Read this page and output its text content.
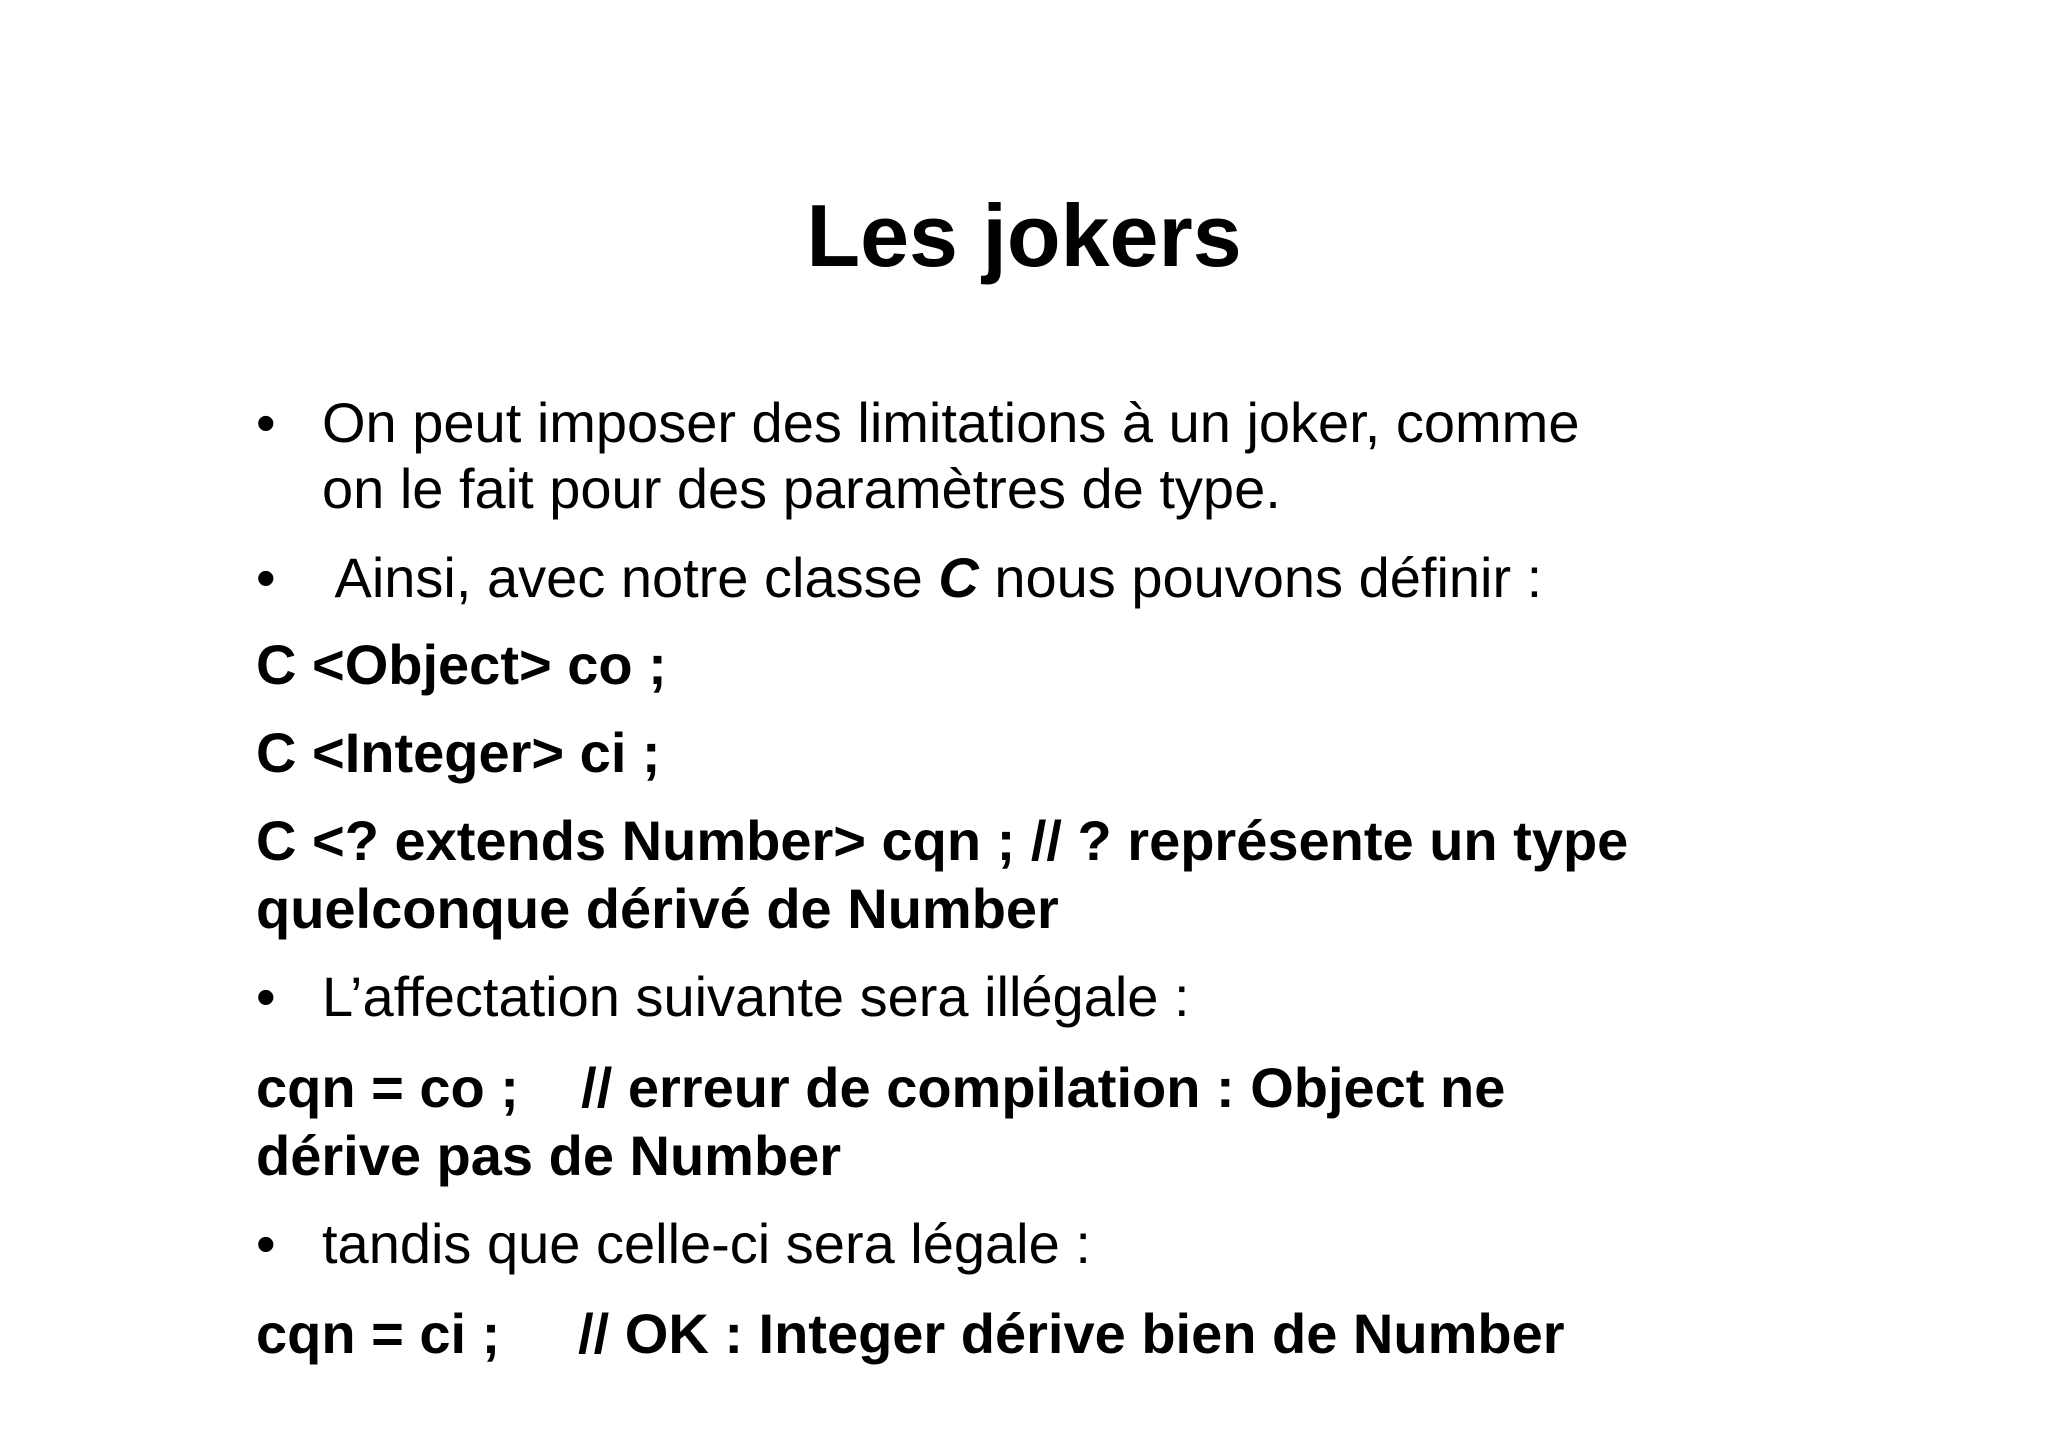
Les jokers
• On peut imposer des limitations à un joker, comme
on le fait pour des paramètres de type.
• Ainsi, avec notre classe C nous pouvons définir :
C <Object> co ;
C <Integer> ci ;
C <? extends Number> cqn ; // ? représente un type
quelconque dérivé de Number
• L’affectation suivante sera illégale :
cqn = co ;    // erreur de compilation : Object ne
dérive pas de Number
• tandis que celle-ci sera légale :
cqn = ci ;     // OK : Integer dérive bien de Number
